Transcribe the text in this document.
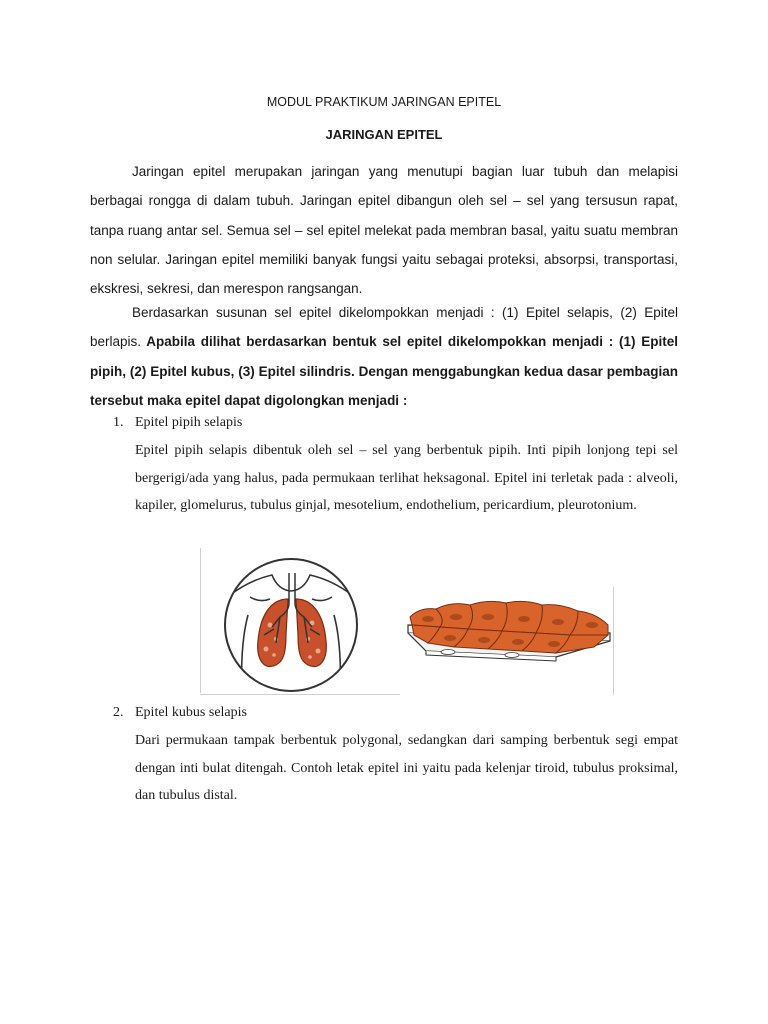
MODUL PRAKTIKUM JARINGAN EPITEL
JARINGAN EPITEL

Jaringan epitel merupakan jaringan yang menutupi bagian luar tubuh dan melapisi berbagai rongga di dalam tubuh. Jaringan epitel dibangun oleh sel – sel yang tersusun rapat, tanpa ruang antar sel. Semua sel – sel epitel melekat pada membran basal, yaitu suatu membran non selular. Jaringan epitel memiliki banyak fungsi yaitu sebagai proteksi, absorpsi, transportasi, ekskresi, sekresi, dan merespon rangsangan.

Berdasarkan susunan sel epitel dikelompokkan menjadi : (1) Epitel selapis, (2) Epitel berlapis. Apabila dilihat berdasarkan bentuk sel epitel dikelompokkan menjadi : (1) Epitel pipih, (2) Epitel kubus, (3) Epitel silindris. Dengan menggabungkan kedua dasar pembagian tersebut maka epitel dapat digolongkan menjadi :

1. Epitel pipih selapis

Epitel pipih selapis dibentuk oleh sel – sel yang berbentuk pipih. Inti pipih lonjong tepi sel bergerigi/ada yang halus, pada permukaan terlihat heksagonal. Epitel ini terletak pada : alveoli, kapiler, glomelurus, tubulus ginjal, mesotelium, endothelium, pericardium, pleurotonium.

2. Epitel kubus selapis

Dari permukaan tampak berbentuk polygonal, sedangkan dari samping berbentuk segi empat dengan inti bulat ditengah. Contoh letak epitel ini yaitu pada kelenjar tiroid, tubulus proksimal, dan tubulus distal.
